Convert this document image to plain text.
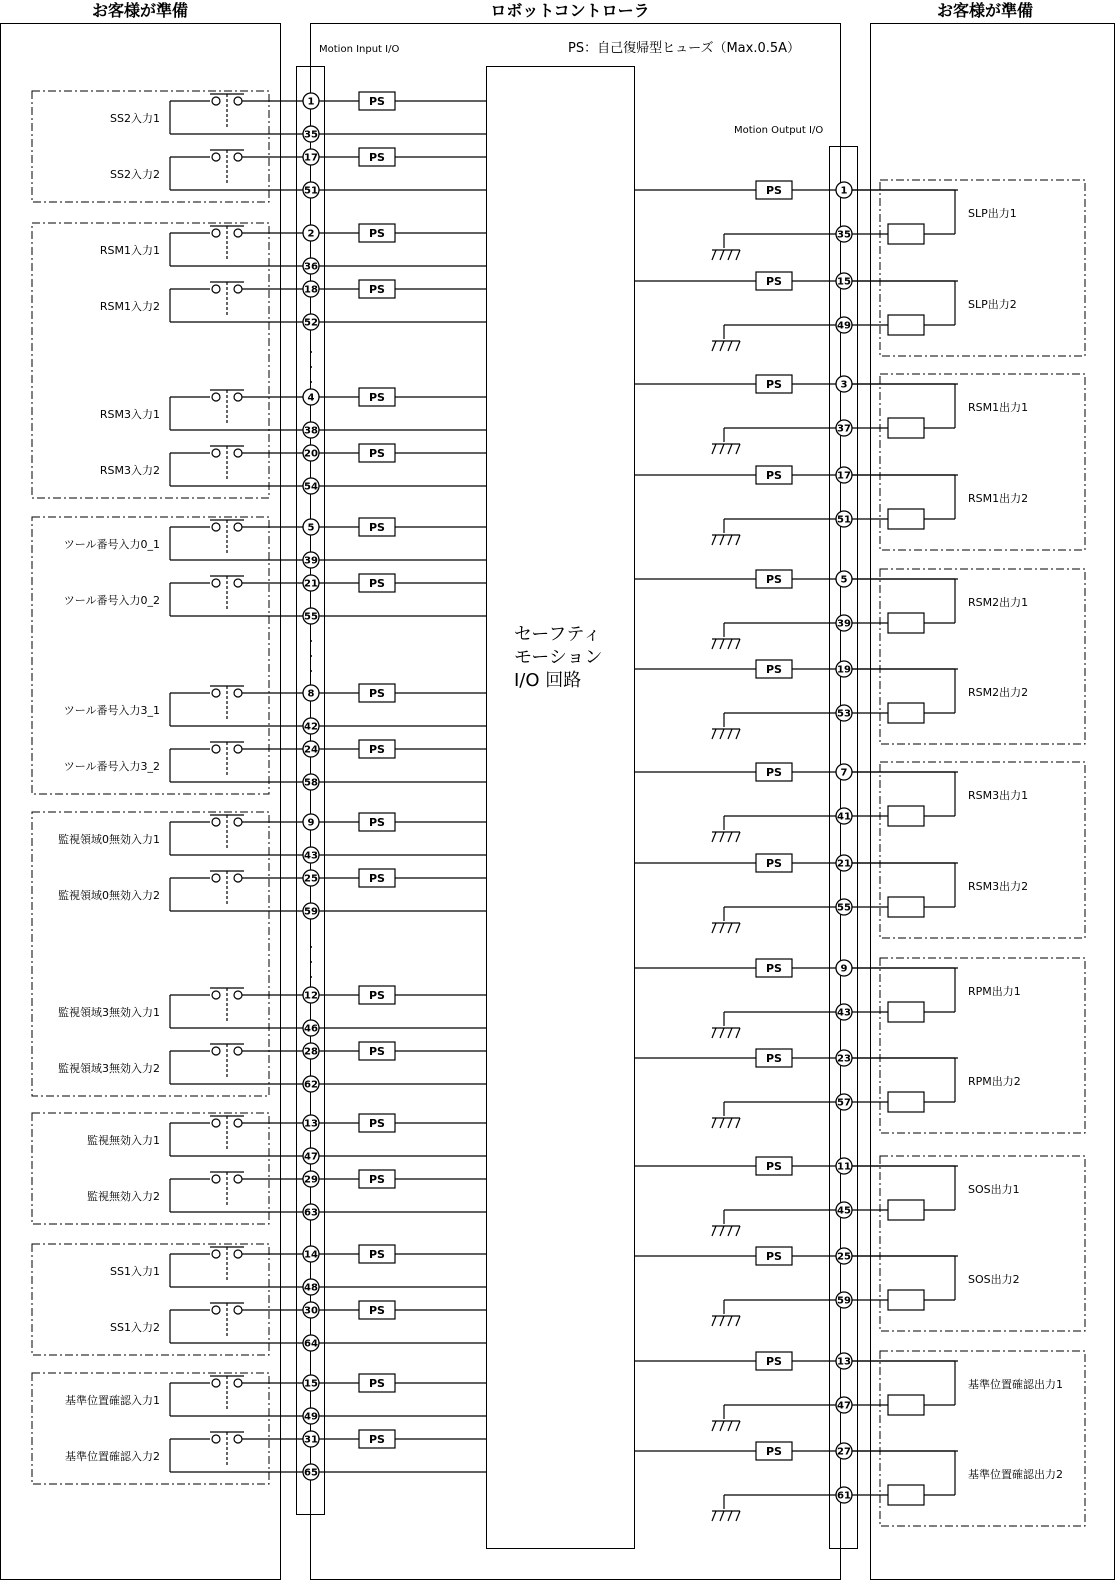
お客様が準備	ロボットコントローラ	お客様が準備
Motion Input I/O	PS：自己復帰型ヒューズ（Max.0.5A）
Motion Output I/O
セーフティ
モーション
I/O 回路
・
・
・
・
・
・
・
・
・
SS2入力1
PS
1
35
SS2入力2
PS
17
51
RSM1入力1
PS
2
36
RSM1入力2
PS
18
52
RSM3入力1
PS
4
38
RSM3入力2
PS
20
54
ツール番号入力0_1
PS
5
39
ツール番号入力0_2
PS
21
55
ツール番号入力3_1
PS
8
42
ツール番号入力3_2
PS
24
58
監視領域0無効入力1
PS
9
43
監視領域0無効入力2
PS
25
59
監視領域3無効入力1
PS
12
46
監視領域3無効入力2
PS
28
62
監視無効入力1
PS
13
47
監視無効入力2
PS
29
63
SS1入力1
PS
14
48
SS1入力2
PS
30
64
基準位置確認入力1
PS
15
49
基準位置確認入力2
PS
31
65
PS	1
35
SLP出力1
PS	15
49
SLP出力2
PS	3
37
RSM1出力1
PS	17
51
RSM1出力2
PS	5
39
RSM2出力1
PS	19
53
RSM2出力2
PS	7
41
RSM3出力1
PS	21
55
RSM3出力2
PS	9
43
RPM出力1
PS	23
57
RPM出力2
PS	11
45
SOS出力1
PS	25
59
SOS出力2
PS	13
47
基準位置確認出力1
PS	27
61
基準位置確認出力2
